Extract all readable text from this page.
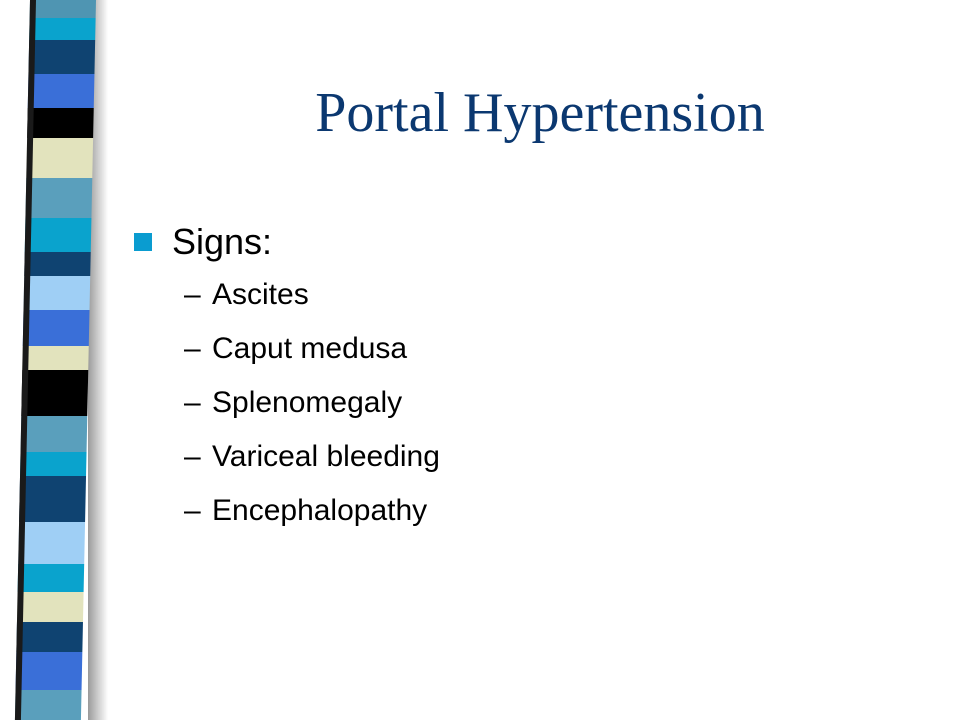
Portal Hypertension
Signs:
– Ascites
– Caput medusa
– Splenomegaly
– Variceal bleeding
– Encephalopathy
